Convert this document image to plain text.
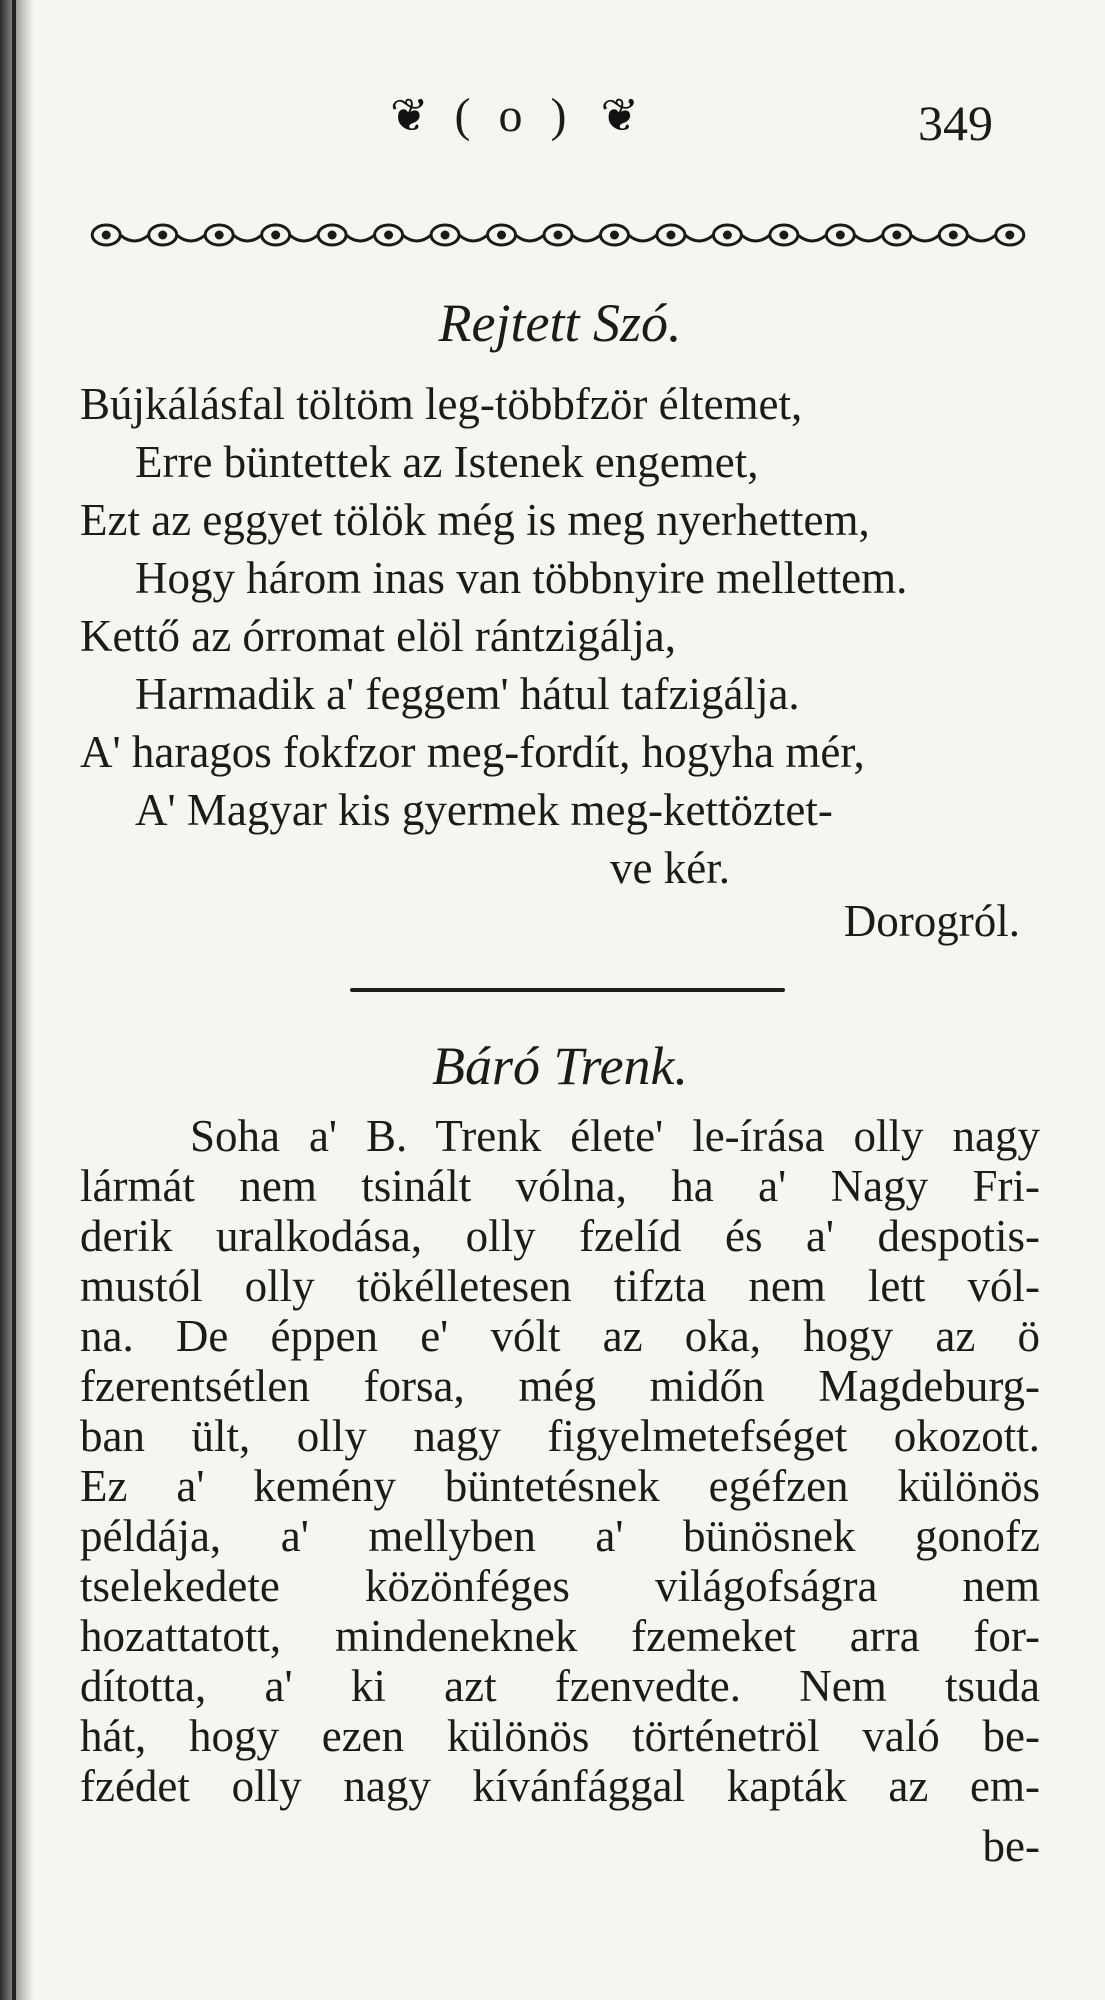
❦ ( o ) ❦	349
Rejtett Szó.
Bújkálásfal töltöm leg-többfzör éltemet,
Erre büntettek az Istenek engemet,
Ezt az eggyet tölök még is meg nyerhettem,
Hogy három inas van többnyire mellettem.
Kettő az órromat elöl rántzigálja,
Harmadik a' feggem' hátul tafzigálja.
A' haragos fokfzor meg-fordít, hogyha mér,
A' Magyar kis gyermek meg-kettöztet-
ve kér.
Dorogról.
Báró Trenk.
Soha a' B. Trenk élete' le-írása olly nagy
lármát nem tsinált vólna, ha a' Nagy Fri-
derik uralkodása, olly fzelíd és a' despotis-
mustól olly tökélletesen tifzta nem lett vól-
na. De éppen e' vólt az oka, hogy az ö
fzerentsétlen forsa, még midőn Magdeburg-
ban ült, olly nagy figyelmetefséget okozott.
Ez a' kemény büntetésnek egéfzen különös
példája, a' mellyben a' bünösnek gonofz
tselekedete közönféges világofságra nem
hozattatott, mindeneknek fzemeket arra for-
dította, a' ki azt fzenvedte. Nem tsuda
hát, hogy ezen különös történetröl való be-
fzédet olly nagy kívánfággal kapták az em-
be-
